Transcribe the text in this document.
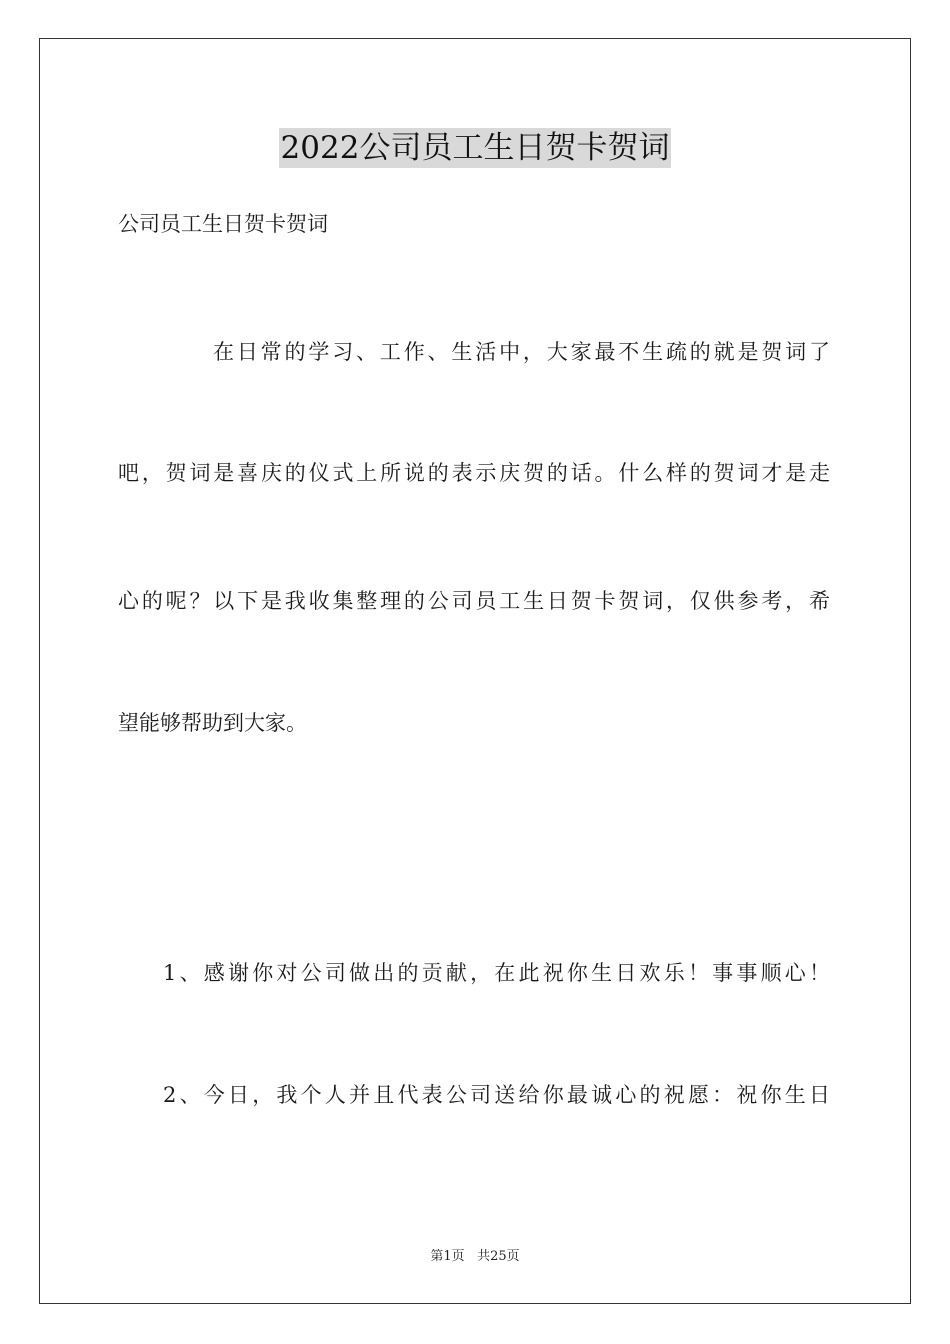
2022公司员工生日贺卡贺词
公司员工生日贺卡贺词
在日常的学习、工作、生活中，大家最不生疏的就是贺词了
吧，贺词是喜庆的仪式上所说的表示庆贺的话。什么样的贺词才是走
心的呢？以下是我收集整理的公司员工生日贺卡贺词，仅供参考，希
望能够帮助到大家。
1、感谢你对公司做出的贡献，在此祝你生日欢乐！事事顺心！
2、今日，我个人并且代表公司送给你最诚心的祝愿：祝你生日
第1页 共25页
